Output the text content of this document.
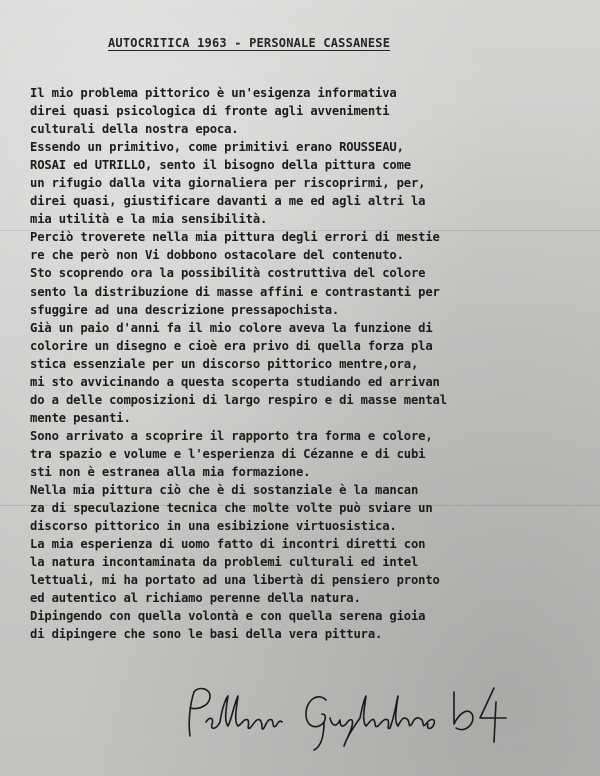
AUTOCRITICA 1963 - PERSONALE CASSANESE
Il mio problema pittorico è un'esigenza informativa
direi quasi psicologica di fronte agli avvenimenti
culturali della nostra epoca.
Essendo un primitivo, come primitivi erano ROUSSEAU,
ROSAI ed UTRILLO, sento il bisogno della pittura come
un rifugio dalla vita giornaliera per riscoprirmi, per,
direi quasi, giustificare davanti a me ed agli altri la
mia utilità e la mia sensibilità.
Perciò troverete nella mia pittura degli errori di mestie
re che però non Vi dobbono ostacolare del contenuto.
Sto scoprendo ora la possibilità costruttiva del colore
sento la distribuzione di masse affini e contrastanti per
sfuggire ad una descrizione pressapochista.
Già un paio d'anni fa il mio colore aveva la funzione di
colorire un disegno e cioè era privo di quella forza pla
stica essenziale per un discorso pittorico mentre,ora,
mi sto avvicinando a questa scoperta studiando ed arrivan
do a delle composizioni di largo respiro e di masse mental
mente pesanti.
Sono arrivato a scoprire il rapporto tra forma e colore,
tra spazio e volume e l'esperienza di Cézanne e di cubi
sti non è estranea alla mia formazione.
Nella mia pittura ciò che è di sostanziale è la mancan
za di speculazione tecnica che molte volte può sviare un
discorso pittorico in una esibizione virtuosistica.
La mia esperienza di uomo fatto di incontri diretti con
la natura incontaminata da problemi culturali ed intel
lettuali, mi ha portato ad una libertà di pensiero pronto
ed autentico al richiamo perenne della natura.
Dipingendo con quella volontà e con quella serena gioia
di dipingere che sono le basi della vera pittura.
